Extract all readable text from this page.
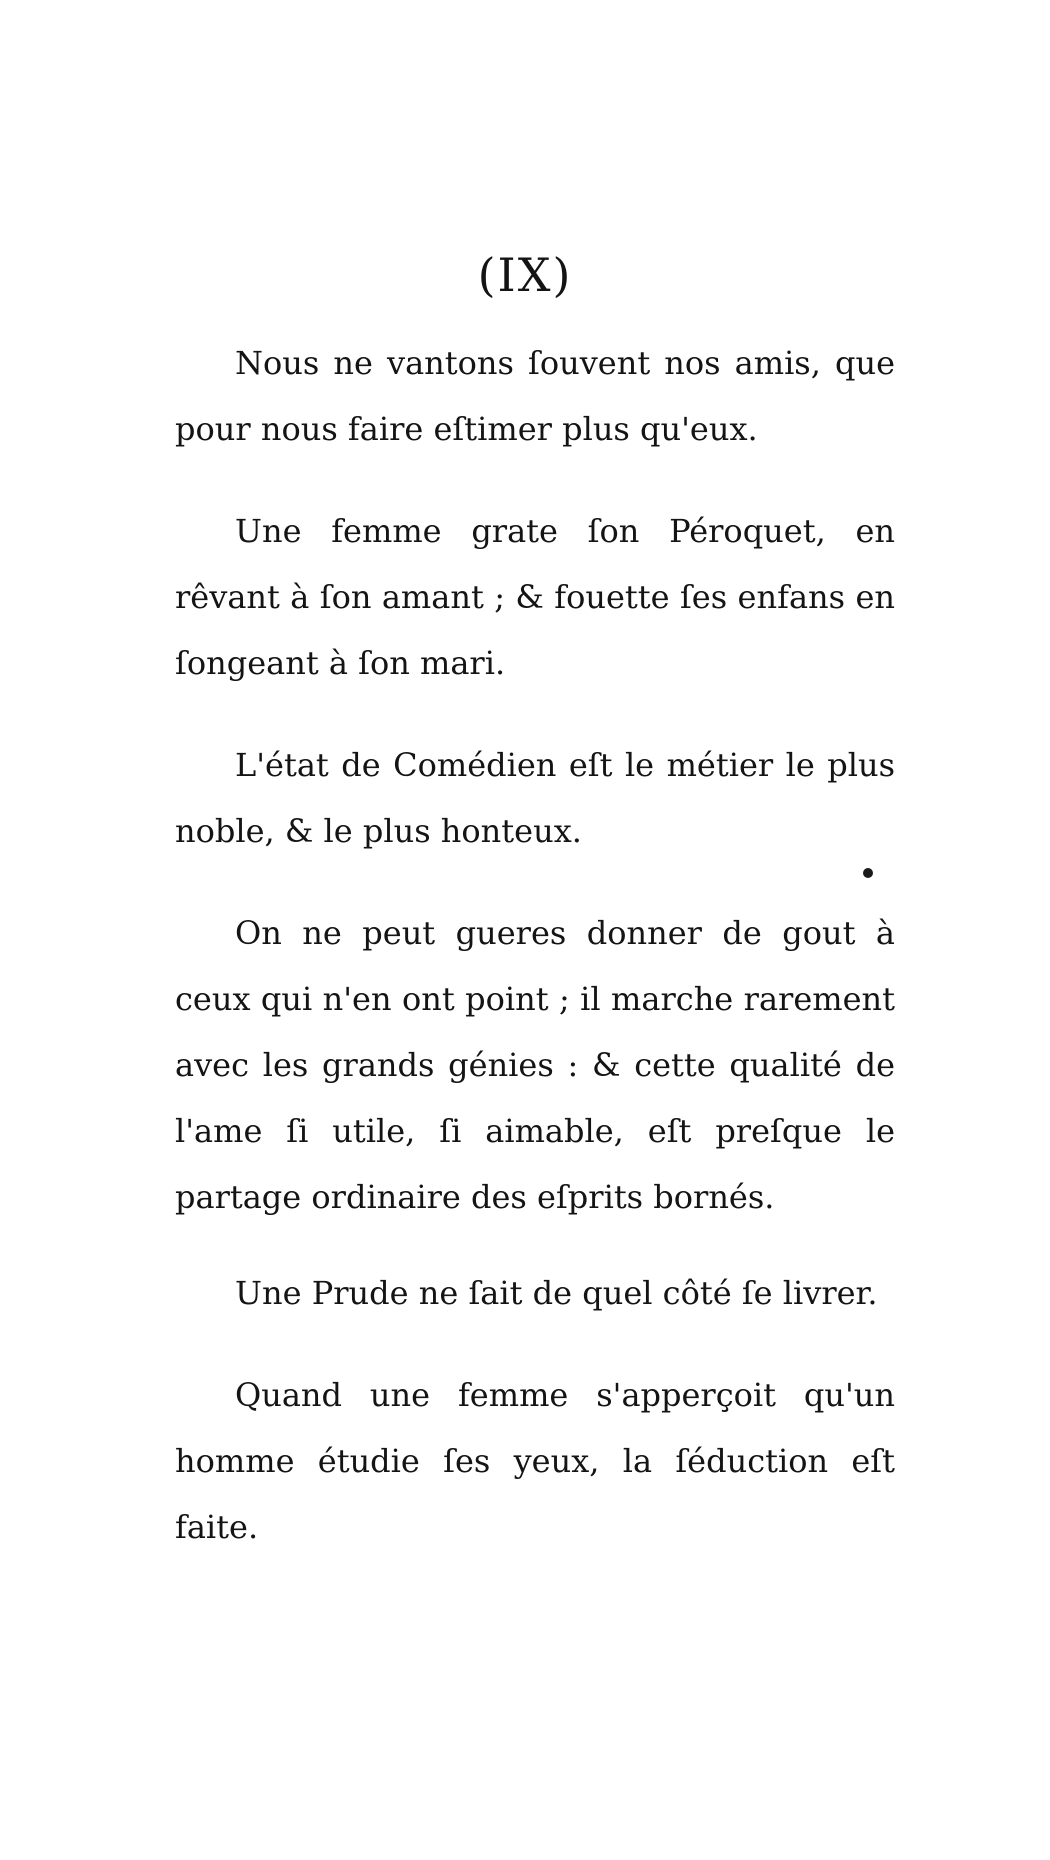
(IX)

Nous ne vantons ſouvent nos amis, que pour nous faire eſtimer plus qu'eux.

Une femme grate ſon Péroquet, en rêvant à ſon amant ; & fouette ſes enfans en ſongeant à ſon mari.

L'état de Comédien eſt le métier le plus noble, & le plus honteux.

On ne peut gueres donner de gout à ceux qui n'en ont point ; il marche rarement avec les grands génies : & cette qualité de l'ame ſi utile, ſi aimable, eſt preſque le partage ordinaire des eſprits bornés.

Une Prude ne ſait de quel côté ſe livrer.

Quand une femme s'apperçoit qu'un homme étudie ſes yeux, la ſéduction eſt faite.
